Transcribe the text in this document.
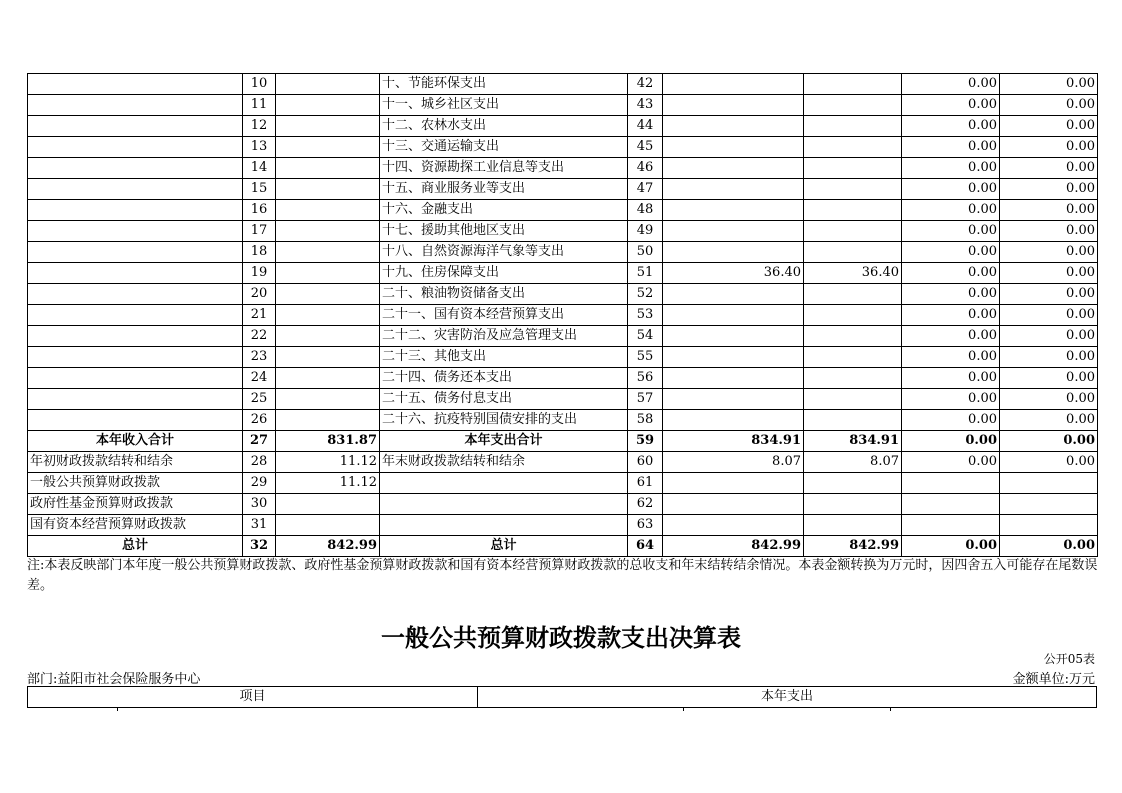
	10		十、节能环保支出	42			0.00	0.00
	11		十一、城乡社区支出	43			0.00	0.00
	12		十二、农林水支出	44			0.00	0.00
	13		十三、交通运输支出	45			0.00	0.00
	14		十四、资源勘探工业信息等支出	46			0.00	0.00
	15		十五、商业服务业等支出	47			0.00	0.00
	16		十六、金融支出	48			0.00	0.00
	17		十七、援助其他地区支出	49			0.00	0.00
	18		十八、自然资源海洋气象等支出	50			0.00	0.00
	19		十九、住房保障支出	51	36.40	36.40	0.00	0.00
	20		二十、粮油物资储备支出	52			0.00	0.00
	21		二十一、国有资本经营预算支出	53			0.00	0.00
	22		二十二、灾害防治及应急管理支出	54			0.00	0.00
	23		二十三、其他支出	55			0.00	0.00
	24		二十四、债务还本支出	56			0.00	0.00
	25		二十五、债务付息支出	57			0.00	0.00
	26		二十六、抗疫特别国债安排的支出	58			0.00	0.00
本年收入合计	27	831.87	本年支出合计	59	834.91	834.91	0.00	0.00
年初财政拨款结转和结余	28	11.12	年末财政拨款结转和结余	60	8.07	8.07	0.00	0.00
一般公共预算财政拨款	29	11.12		61				
政府性基金预算财政拨款	30			62				
国有资本经营预算财政拨款	31			63				
总计	32	842.99	总计	64	842.99	842.99	0.00	0.00
注:本表反映部门本年度一般公共预算财政拨款、政府性基金预算财政拨款和国有资本经营预算财政拨款的总收支和年末结转结余情况。本表金额转换为万元时，因四舍五入可能存在尾数误差。
一般公共预算财政拨款支出决算表
公开05表
部门:益阳市社会保险服务中心	金额单位:万元
项目	本年支出
